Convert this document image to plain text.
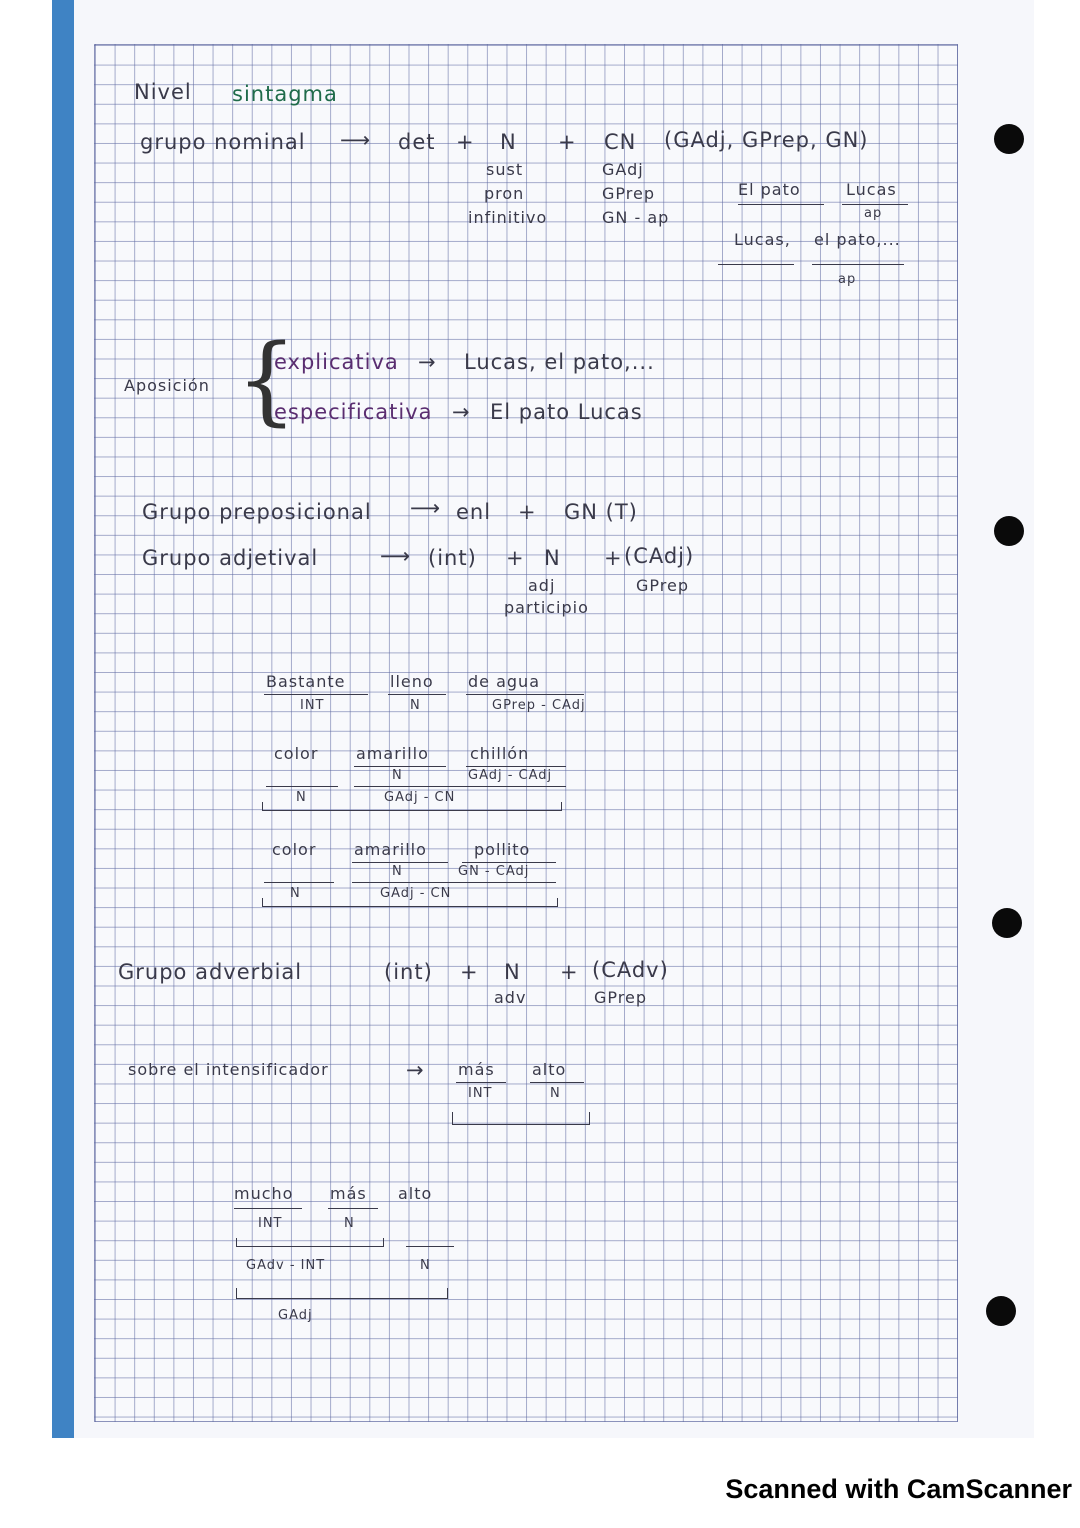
Nivel sintagma
grupo nominal ⟶ det + N + CN (GAdj, GPrep, GN)
sust
pron
infinitivo
GAdj
GPrep
GN - ap
El pato	Lucas
ap
Lucas, el pato,...
ap
Aposición {
explicativa → Lucas, el pato,...
especificativa → El pato Lucas
Grupo preposicional ⟶ enl + GN (T)
Grupo adjetival	⟶ (int) + N + (CAdj)
adj
participio
GPrep
Bastante	lleno de agua
INT	N	GPrep - CAdj
color amarillo	chillón
N	GAdj - CAdj
N	GAdj - CN
color amarillo	pollito
N	GN - CAdj
N	GAdj - CN
Grupo adverbial	(int) + N + (CAdv)
adv	GPrep
sobre el intensificador	→ más alto
INT	N
mucho más alto
INT	N
GAdv - INT	N
GAdj
Scanned with CamScanner
